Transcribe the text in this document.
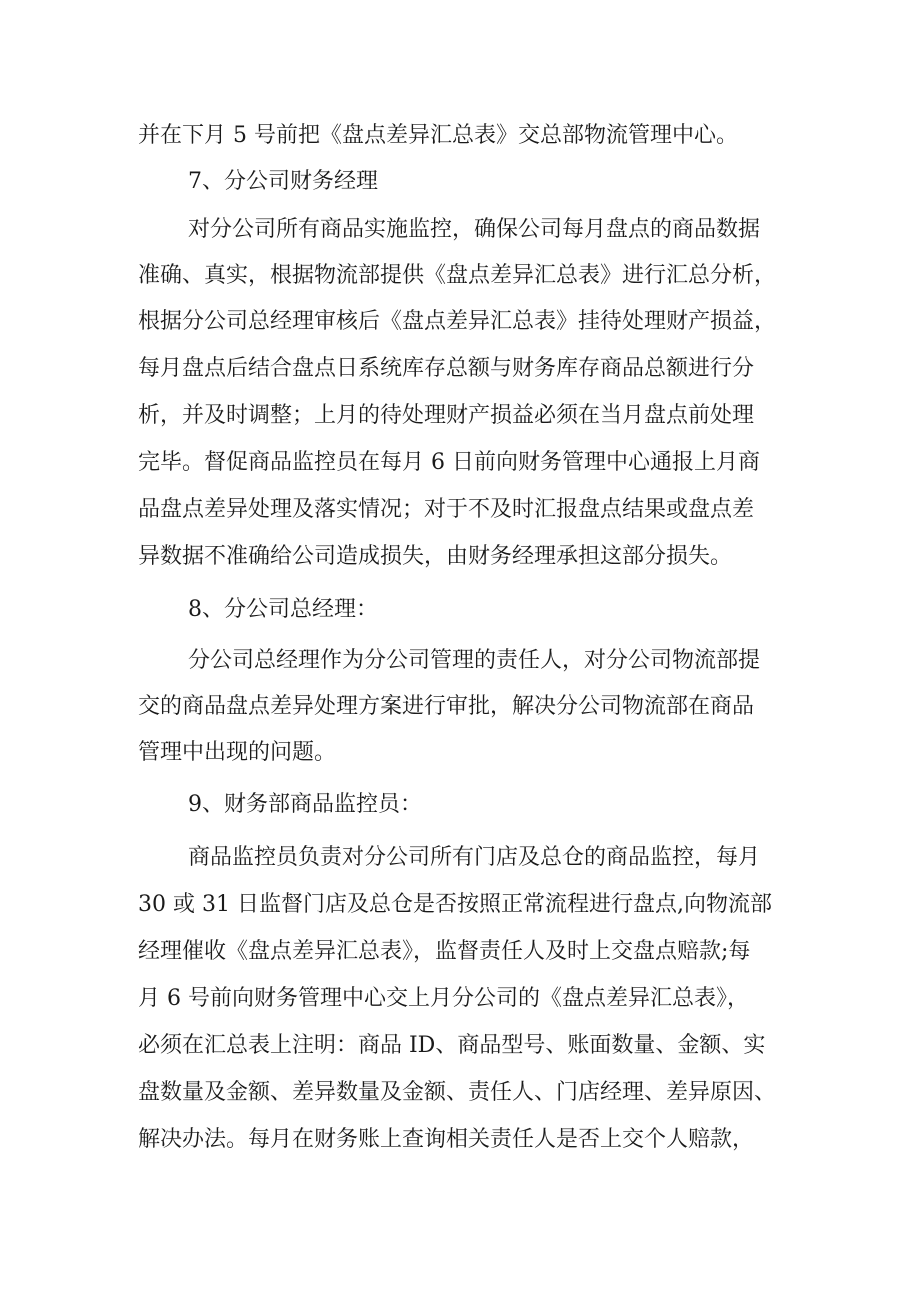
并在下月 5 号前把《盘点差异汇总表》交总部物流管理中心。
7、分公司财务经理
对分公司所有商品实施监控，确保公司每月盘点的商品数据
准确、真实，根据物流部提供《盘点差异汇总表》进行汇总分析，
根据分公司总经理审核后《盘点差异汇总表》挂待处理财产损益，
每月盘点后结合盘点日系统库存总额与财务库存商品总额进行分
析，并及时调整；上月的待处理财产损益必须在当月盘点前处理
完毕。督促商品监控员在每月 6 日前向财务管理中心通报上月商
品盘点差异处理及落实情况；对于不及时汇报盘点结果或盘点差
异数据不准确给公司造成损失，由财务经理承担这部分损失。
8、分公司总经理：
分公司总经理作为分公司管理的责任人，对分公司物流部提
交的商品盘点差异处理方案进行审批，解决分公司物流部在商品
管理中出现的问题。
9、财务部商品监控员：
商品监控员负责对分公司所有门店及总仓的商品监控，每月
30 或 31 日监督门店及总仓是否按照正常流程进行盘点,向物流部
经理催收《盘点差异汇总表》，监督责任人及时上交盘点赔款;每
月 6 号前向财务管理中心交上月分公司的《盘点差异汇总表》，
必须在汇总表上注明：商品 ID、商品型号、账面数量、金额、实
盘数量及金额、差异数量及金额、责任人、门店经理、差异原因、
解决办法。每月在财务账上查询相关责任人是否上交个人赔款，
